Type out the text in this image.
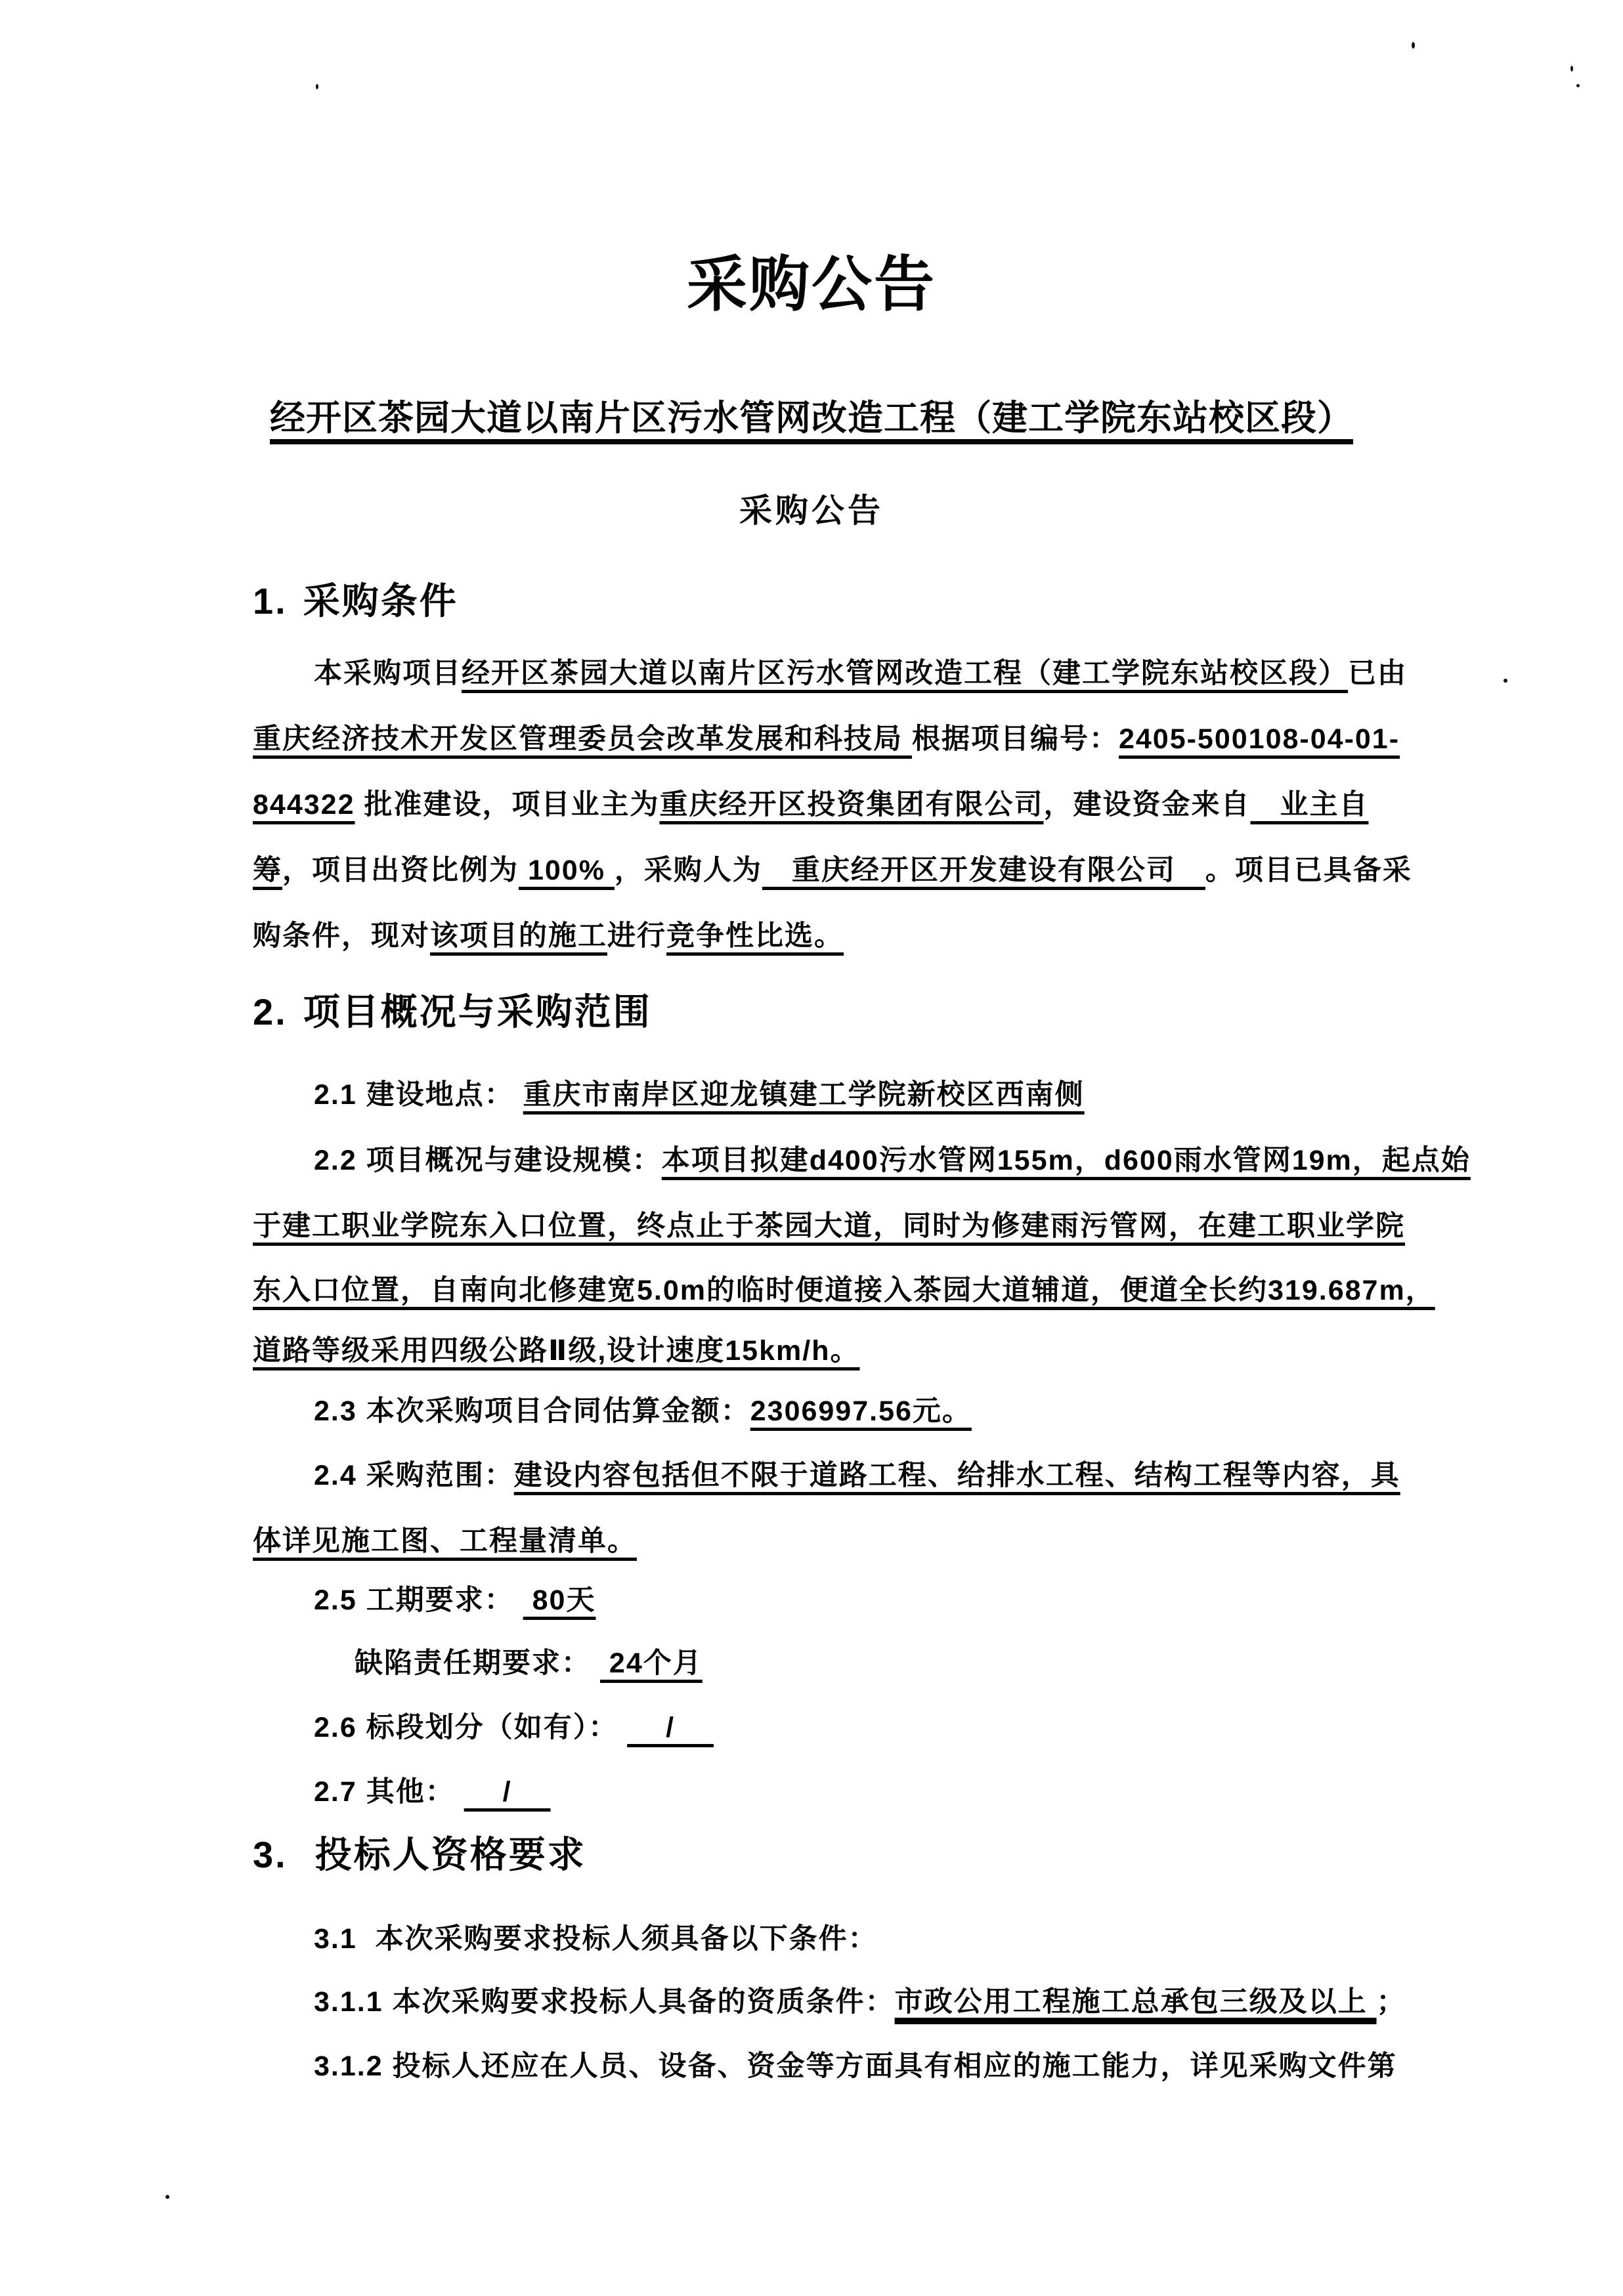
采购公告
经开区茶园大道以南片区污水管网改造工程（建工学院东站校区段）
采购公告
1. 采购条件
本采购项目经开区茶园大道以南片区污水管网改造工程（建工学院东站校区段）已由
重庆经济技术开发区管理委员会改革发展和科技局 根据项目编号：2405-500108-04-01-
844322 批准建设，项目业主为重庆经开区投资集团有限公司，建设资金来自　业主自
筹，项目出资比例为 100% ，采购人为　重庆经开区开发建设有限公司　。项目已具备采
购条件，现对该项目的施工进行竞争性比选。
2. 项目概况与采购范围
2.1 建设地点： 重庆市南岸区迎龙镇建工学院新校区西南侧
2.2 项目概况与建设规模：本项目拟建d400污水管网155m，d600雨水管网19m，起点始
于建工职业学院东入口位置，终点止于茶园大道，同时为修建雨污管网，在建工职业学院
东入口位置，自南向北修建宽5.0m的临时便道接入茶园大道辅道，便道全长约319.687m，
道路等级采用四级公路Ⅱ级,设计速度15km/h。
2.3 本次采购项目合同估算金额：2306997.56元。
2.4 采购范围：建设内容包括但不限于道路工程、给排水工程、结构工程等内容，具
体详见施工图、工程量清单。
2.5 工期要求：  80天
缺陷责任期要求：  24个月
2.6 标段划分（如有）： 　 / 　
2.7 其他： 　 / 　
3. 投标人资格要求
3.1  本次采购要求投标人须具备以下条件：
3.1.1 本次采购要求投标人具备的资质条件：市政公用工程施工总承包三级及以上 ；
3.1.2 投标人还应在人员、设备、资金等方面具有相应的施工能力，详见采购文件第
